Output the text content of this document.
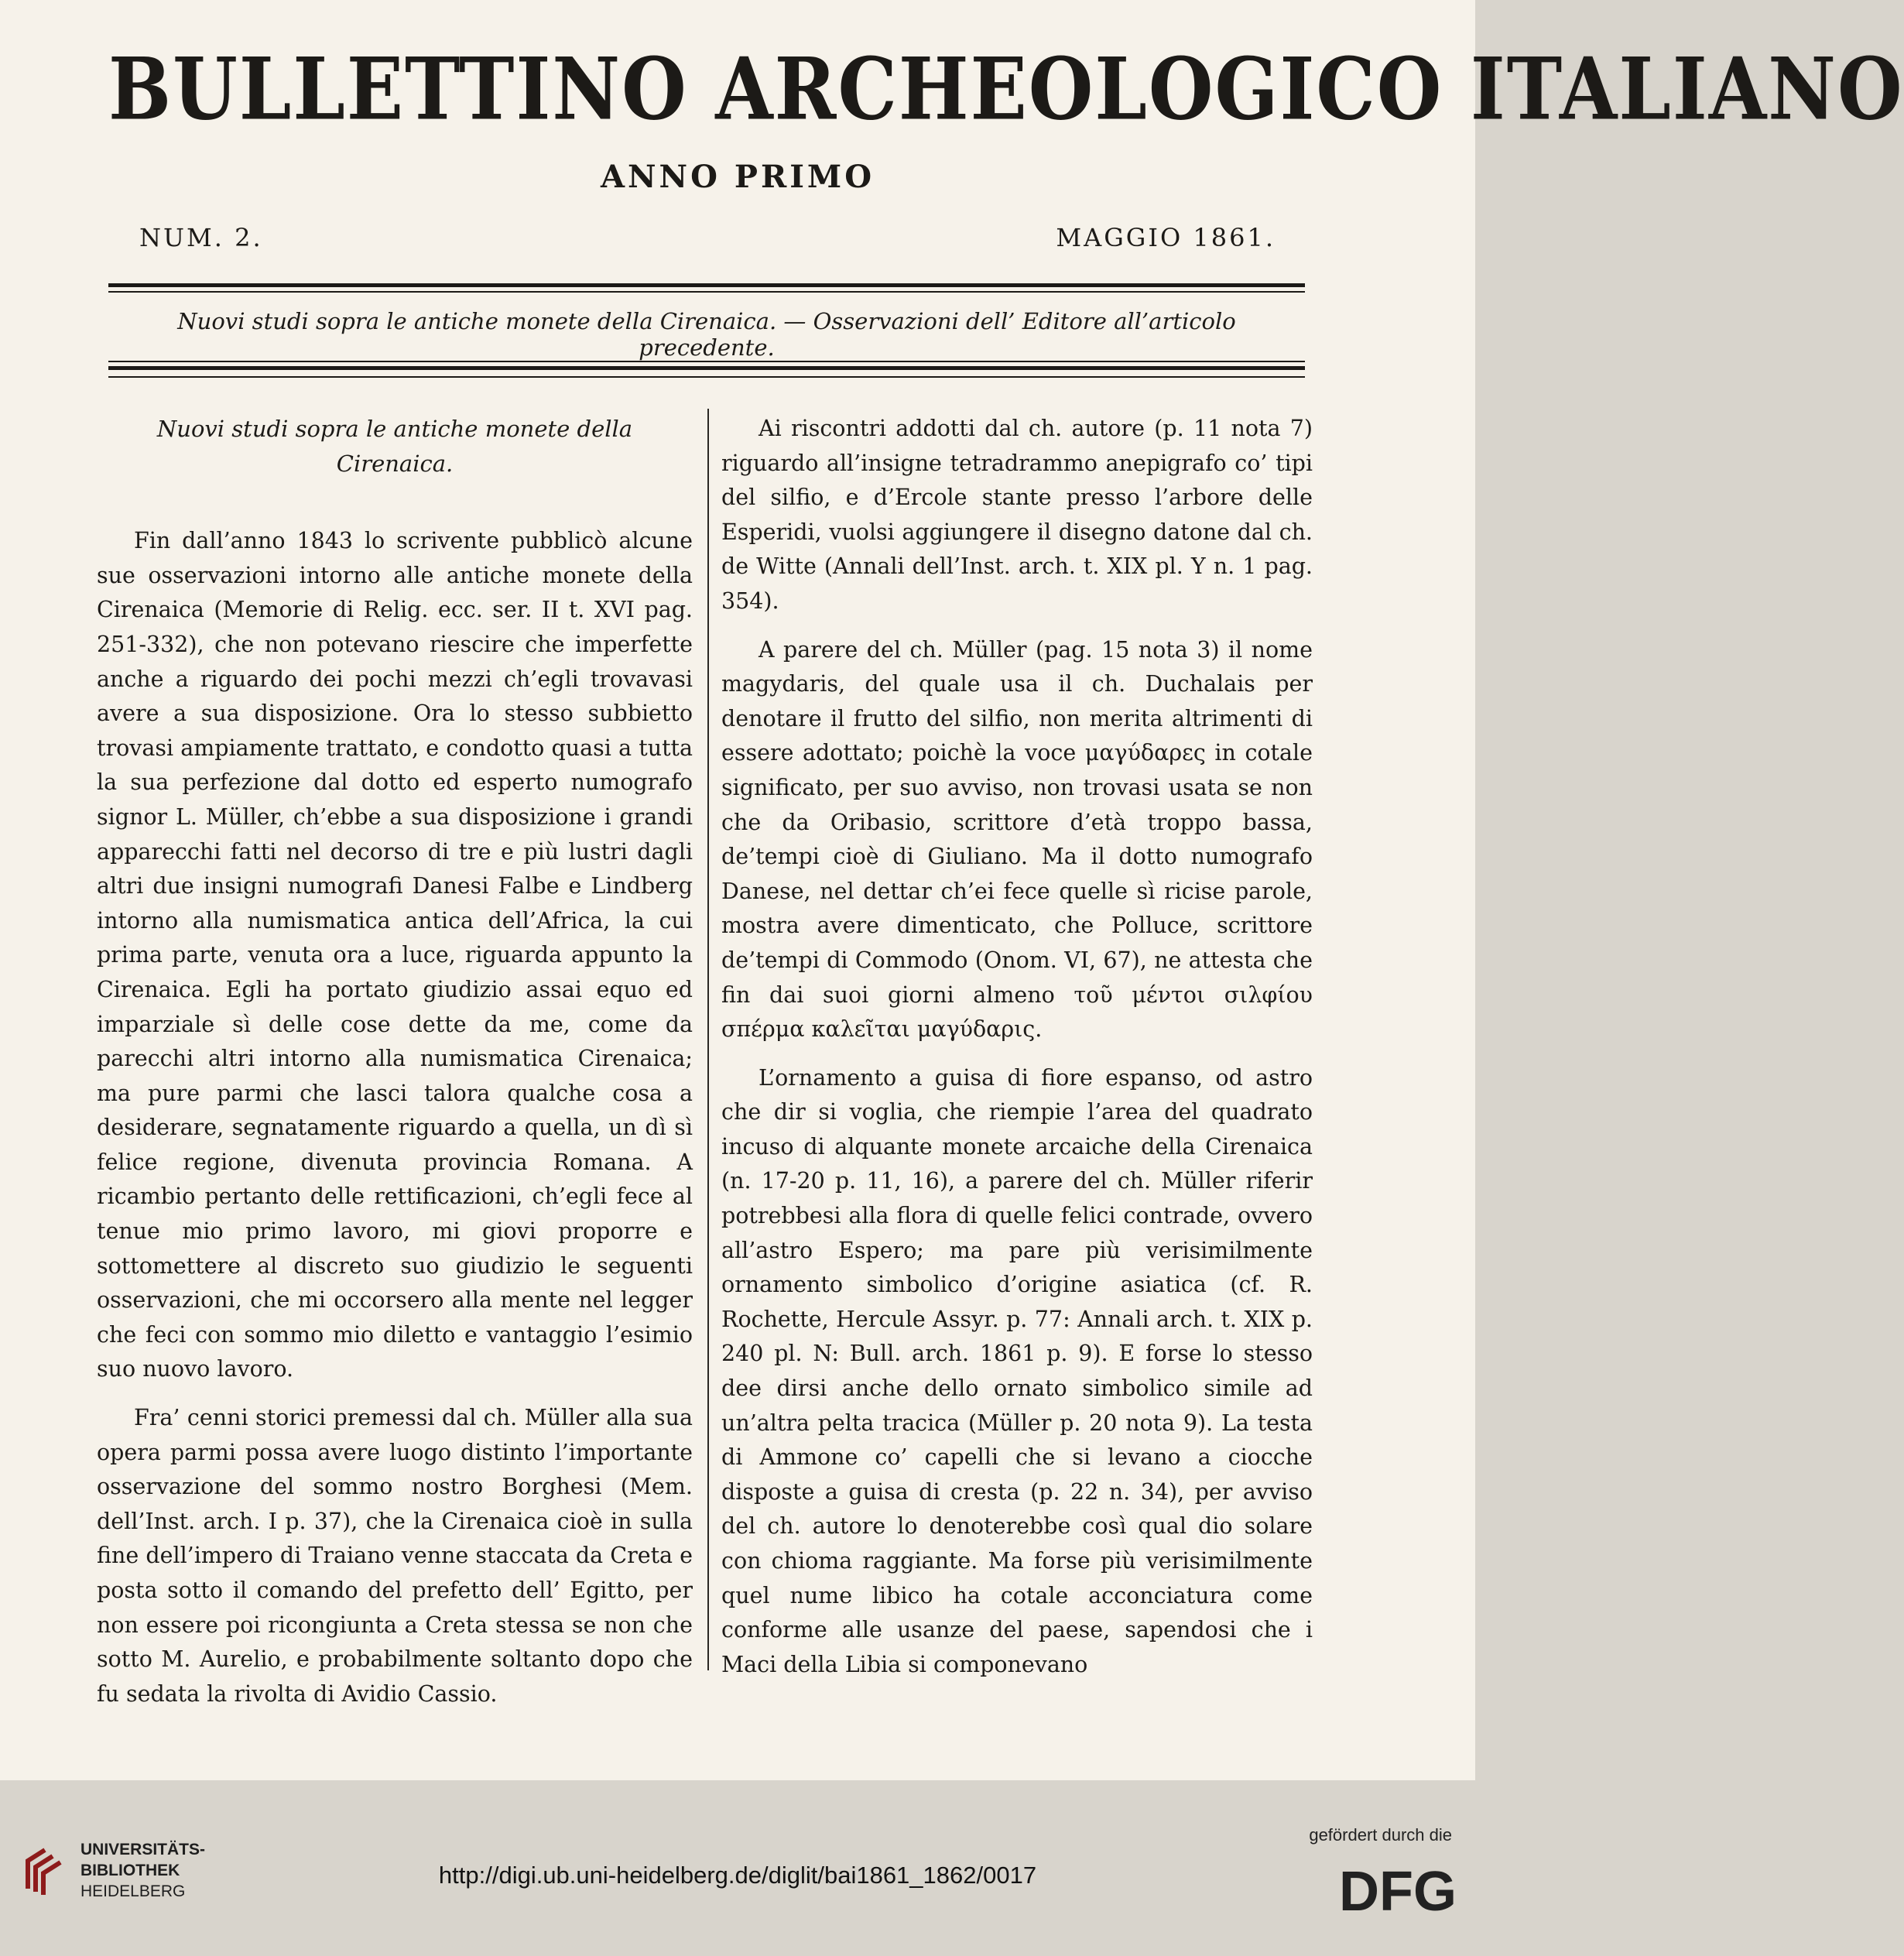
BULLETTINO ARCHEOLOGICO ITALIANO
ANNO PRIMO
NUM. 2.	MAGGIO 1861.
Nuovi studi sopra le antiche monete della Cirenaica. — Osservazioni dell’ Editore all’articolo precedente.

Nuovi studi sopra le antiche monete della Cirenaica.

Fin dall’anno 1843 lo scrivente pubblicò alcune sue osservazioni intorno alle antiche monete della Cirenaica (Memorie di Relig. ecc. ser. II t. XVI pag. 251-332), che non potevano riescire che imperfette anche a riguardo dei pochi mezzi ch’egli trovavasi avere a sua disposizione. Ora lo stesso subbietto trovasi ampiamente trattato, e condotto quasi a tutta la sua perfezione dal dotto ed esperto numografo signor L. Müller, ch’ebbe a sua disposizione i grandi apparecchi fatti nel decorso di tre e più lustri dagli altri due insigni numografi Danesi Falbe e Lindberg intorno alla numismatica antica dell’Africa, la cui prima parte, venuta ora a luce, riguarda appunto la Cirenaica. Egli ha portato giudizio assai equo ed imparziale sì delle cose dette da me, come da parecchi altri intorno alla numismatica Cirenaica; ma pure parmi che lasci talora qualche cosa a desiderare, segnatamente riguardo a quella, un dì sì felice regione, divenuta provincia Romana. A ricambio pertanto delle rettificazioni, ch’egli fece al tenue mio primo lavoro, mi giovi proporre e sottomettere al discreto suo giudizio le seguenti osservazioni, che mi occorsero alla mente nel legger che feci con sommo mio diletto e vantaggio l’esimio suo nuovo lavoro.

Fra’ cenni storici premessi dal ch. Müller alla sua opera parmi possa avere luogo distinto l’importante osservazione del sommo nostro Borghesi (Mem. dell’Inst. arch. I p. 37), che la Cirenaica cioè in sulla fine dell’impero di Traiano venne staccata da Creta e posta sotto il comando del prefetto dell’ Egitto, per non essere poi ricongiunta a Creta stessa se non che sotto M. Aurelio, e probabilmente soltanto dopo che fu sedata la rivolta di Avidio Cassio.

Ai riscontri addotti dal ch. autore (p. 11 nota 7) riguardo all’insigne tetradrammo anepigrafo co’ tipi del silfio, e d’Ercole stante presso l’arbore delle Esperidi, vuolsi aggiungere il disegno datone dal ch. de Witte (Annali dell’Inst. arch. t. XIX pl. Y n. 1 pag. 354).

A parere del ch. Müller (pag. 15 nota 3) il nome magydaris, del quale usa il ch. Duchalais per denotare il frutto del silfio, non merita altrimenti di essere adottato; poichè la voce μαγύδαρες in cotale significato, per suo avviso, non trovasi usata se non che da Oribasio, scrittore d’età troppo bassa, de’tempi cioè di Giuliano. Ma il dotto numografo Danese, nel dettar ch’ei fece quelle sì ricise parole, mostra avere dimenticato, che Polluce, scrittore de’tempi di Commodo (Onom. VI, 67), ne attesta che fin dai suoi giorni almeno τοῦ μέντοι σιλφίου σπέρμα καλεῖται μαγύδαρις.

L’ornamento a guisa di fiore espanso, od astro che dir si voglia, che riempie l’area del quadrato incuso di alquante monete arcaiche della Cirenaica (n. 17-20 p. 11, 16), a parere del ch. Müller riferir potrebbesi alla flora di quelle felici contrade, ovvero all’astro Espero; ma pare più verisimilmente ornamento simbolico d’origine asiatica (cf. R. Rochette, Hercule Assyr. p. 77: Annali arch. t. XIX p. 240 pl. N: Bull. arch. 1861 p. 9). E forse lo stesso dee dirsi anche dello ornato simbolico simile ad un’altra pelta tracica (Müller p. 20 nota 9). La testa di Ammone co’ capelli che si levano a ciocche disposte a guisa di cresta (p. 22 n. 34), per avviso del ch. autore lo denoterebbe così qual dio solare con chioma raggiante. Ma forse più verisimilmente quel nume libico ha cotale acconciatura come conforme alle usanze del paese, sapendosi che i Maci della Libia si componevano

UNIVERSITÄTS-
BIBLIOTHEK
HEIDELBERG
http://digi.ub.uni-heidelberg.de/diglit/bai1861_1862/0017
gefördert durch die
DFG
